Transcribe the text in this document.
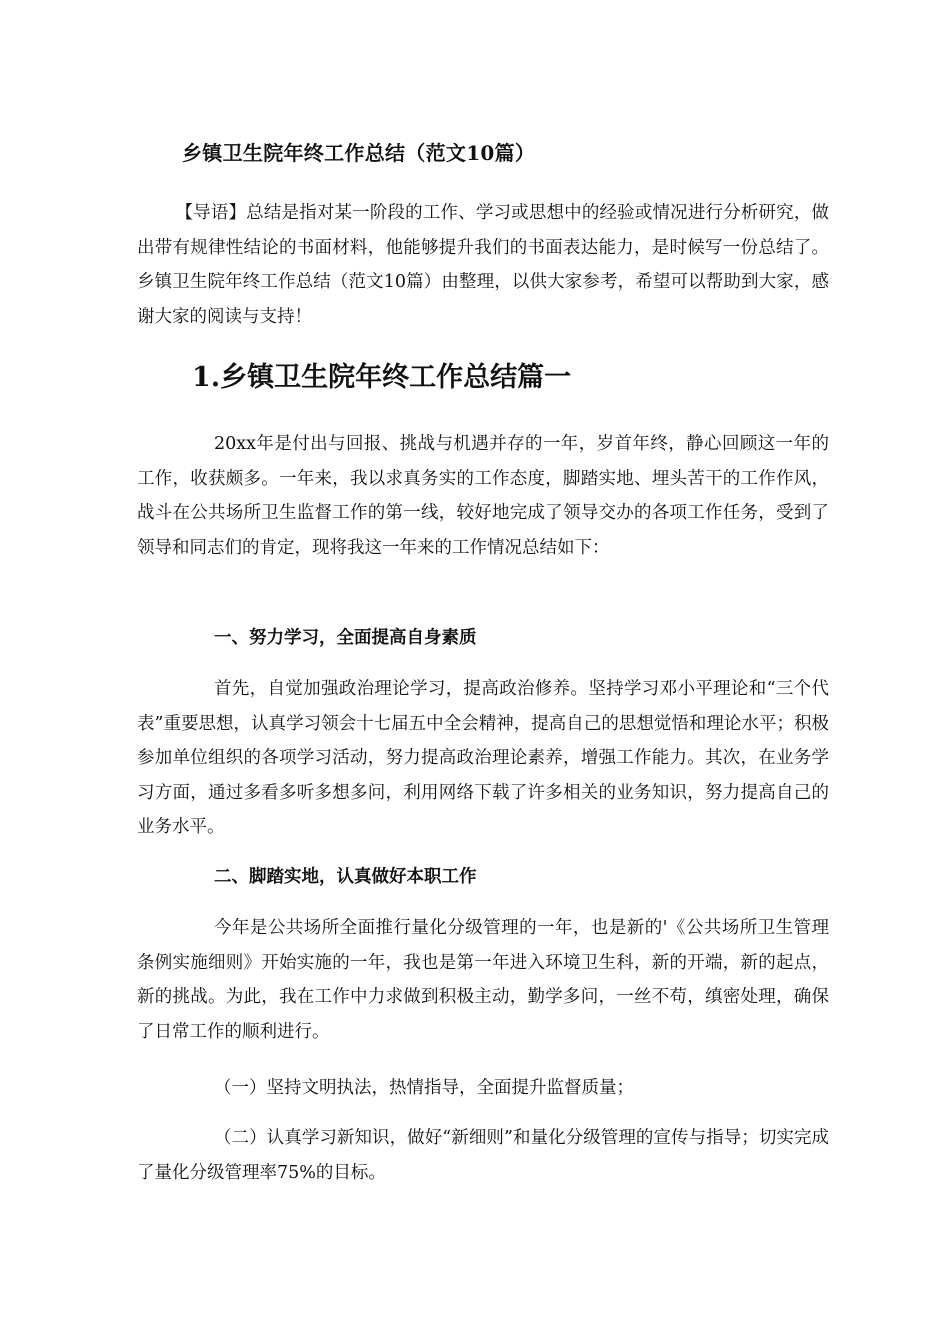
乡镇卫生院年终工作总结（范文10篇）

【导语】总结是指对某一阶段的工作、学习或思想中的经验或情况进行分析研究，做出带有规律性结论的书面材料，他能够提升我们的书面表达能力，是时候写一份总结了。乡镇卫生院年终工作总结（范文10篇）由整理，以供大家参考，希望可以帮助到大家，感谢大家的阅读与支持！

1.乡镇卫生院年终工作总结篇一

20xx年是付出与回报、挑战与机遇并存的一年，岁首年终，静心回顾这一年的工作，收获颇多。一年来，我以求真务实的工作态度，脚踏实地、埋头苦干的工作作风，战斗在公共场所卫生监督工作的第一线，较好地完成了领导交办的各项工作任务，受到了领导和同志们的肯定，现将我这一年来的工作情况总结如下：

一、努力学习，全面提高自身素质

首先，自觉加强政治理论学习，提高政治修养。坚持学习邓小平理论和“三个代表”重要思想，认真学习领会十七届五中全会精神，提高自己的思想觉悟和理论水平；积极参加单位组织的各项学习活动，努力提高政治理论素养，增强工作能力。其次，在业务学习方面，通过多看多听多想多问，利用网络下载了许多相关的业务知识，努力提高自己的业务水平。

二、脚踏实地，认真做好本职工作

今年是公共场所全面推行量化分级管理的一年，也是新的'《公共场所卫生管理条例实施细则》开始实施的一年，我也是第一年进入环境卫生科，新的开端，新的起点，新的挑战。为此，我在工作中力求做到积极主动，勤学多问，一丝不苟，缜密处理，确保了日常工作的顺利进行。

（一）坚持文明执法，热情指导，全面提升监督质量；

（二）认真学习新知识，做好“新细则”和量化分级管理的宣传与指导；切实完成了量化分级管理率75%的目标。
